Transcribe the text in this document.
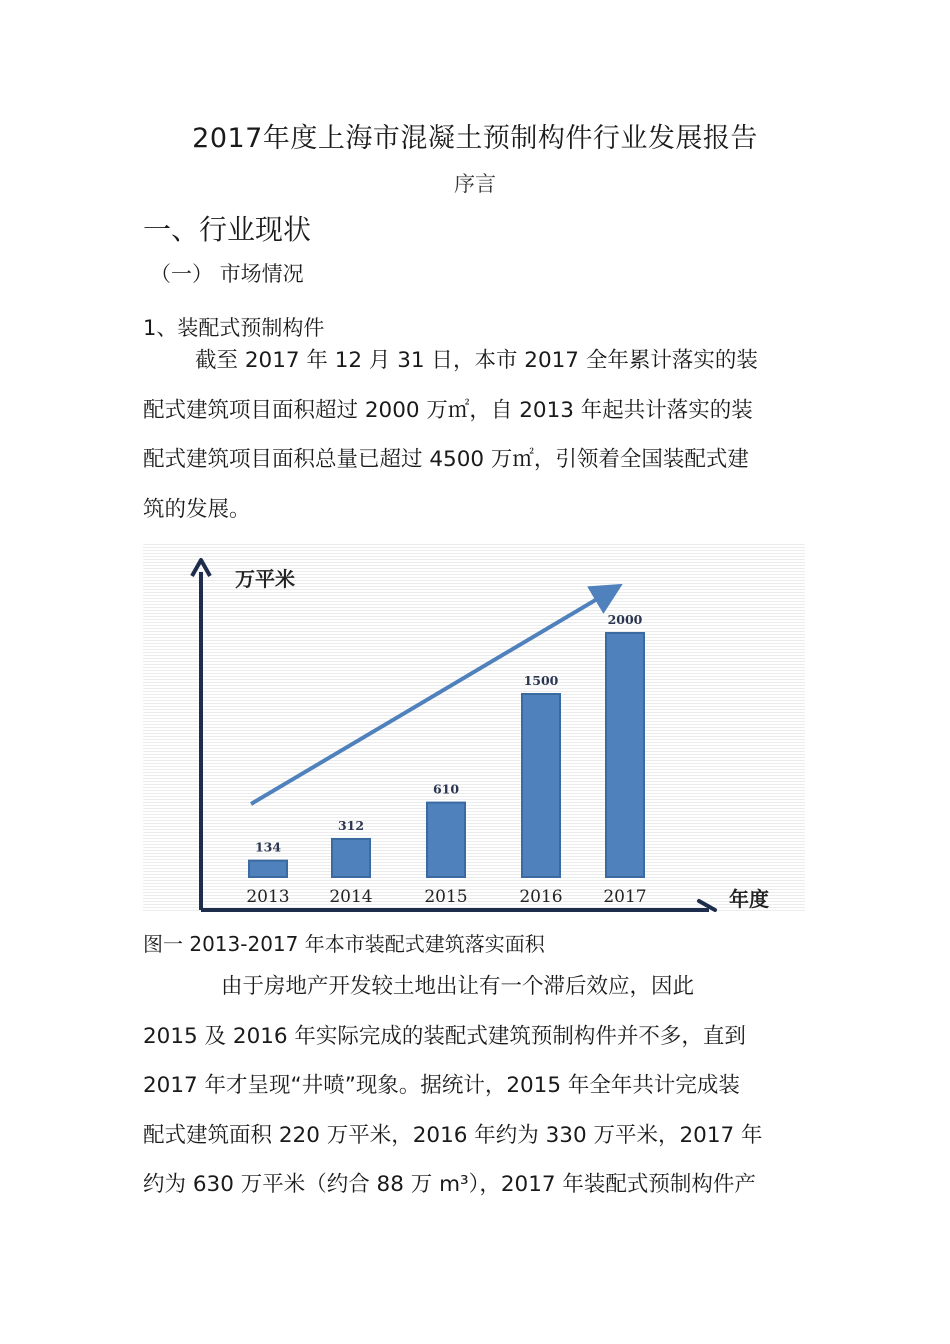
2017年度上海市混凝土预制构件行业发展报告
序言
一、行业现状
（一） 市场情况
1、装配式预制构件
截至 2017 年 12 月 31 日，本市 2017 全年累计落实的装
配式建筑项目面积超过 2000 万㎡，自 2013 年起共计落实的装
配式建筑项目面积总量已超过 4500 万㎡，引领着全国装配式建
筑的发展。
万平米
年度
134
2013
312
2014
610
2015
1500
2016
2000
2017
图一 2013-2017 年本市装配式建筑落实面积
由于房地产开发较土地出让有一个滞后效应，因此
2015 及 2016 年实际完成的装配式建筑预制构件并不多，直到
2017 年才呈现“井喷”现象。据统计，2015 年全年共计完成装
配式建筑面积 220 万平米，2016 年约为 330 万平米，2017 年
约为 630 万平米（约合 88 万 m³），2017 年装配式预制构件产
